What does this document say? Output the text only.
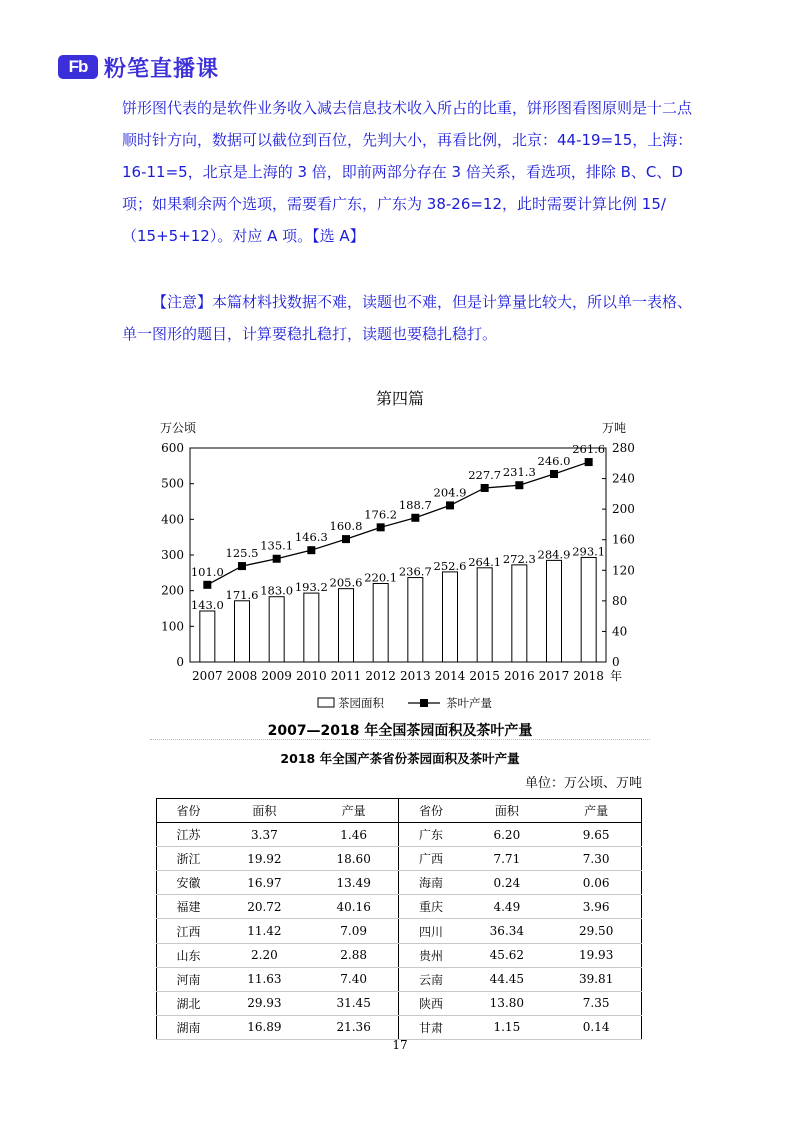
Fb 粉笔直播课
饼形图代表的是软件业务收入减去信息技术收入所占的比重，饼形图看图原则是十二点顺时针方向，数据可以截位到百位，先判大小，再看比例，北京：44-19=15，上海：16-11=5，北京是上海的 3 倍，即前两部分存在 3 倍关系，看选项，排除 B、C、D 项；如果剩余两个选项，需要看广东，广东为 38-26=12，此时需要计算比例 15/（15+5+12）。对应 A 项。【选 A】
【注意】本篇材料找数据不难，读题也不难，但是计算量比较大，所以单一表格、单一图形的题目，计算要稳扎稳打，读题也要稳扎稳打。
第四篇
万公顷	万吨
0
100
200
300
400
500
600
0
40
80
120
160
200
240
280
143.0
171.6 183.0 193.2 205.6 220.1 236.7 252.6 264.1 272.3 284.9 293.1
101.0
125.5
135.1
146.3
160.8
176.2
188.7
204.9
227.7 231.3
246.0
261.6
2007 2008 2009 2010 2011 2012 2013 2014 2015 2016 2017 2018 年
茶园面积	茶叶产量
2007—2018 年全国茶园面积及茶叶产量
2018 年全国产茶省份茶园面积及茶叶产量
单位：万公顷、万吨
省份	面积	产量	省份	面积	产量
江苏	3.37	1.46	广东	6.20	9.65
浙江	19.92	18.60	广西	7.71	7.30
安徽	16.97	13.49	海南	0.24	0.06
福建	20.72	40.16	重庆	4.49	3.96
江西	11.42	7.09	四川	36.34	29.50
山东	2.20	2.88	贵州	45.62	19.93
河南	11.63	7.40	云南	44.45	39.81
湖北	29.93	31.45	陕西	13.80	7.35
湖南	16.89	21.36	甘肃	1.15	0.14
17
